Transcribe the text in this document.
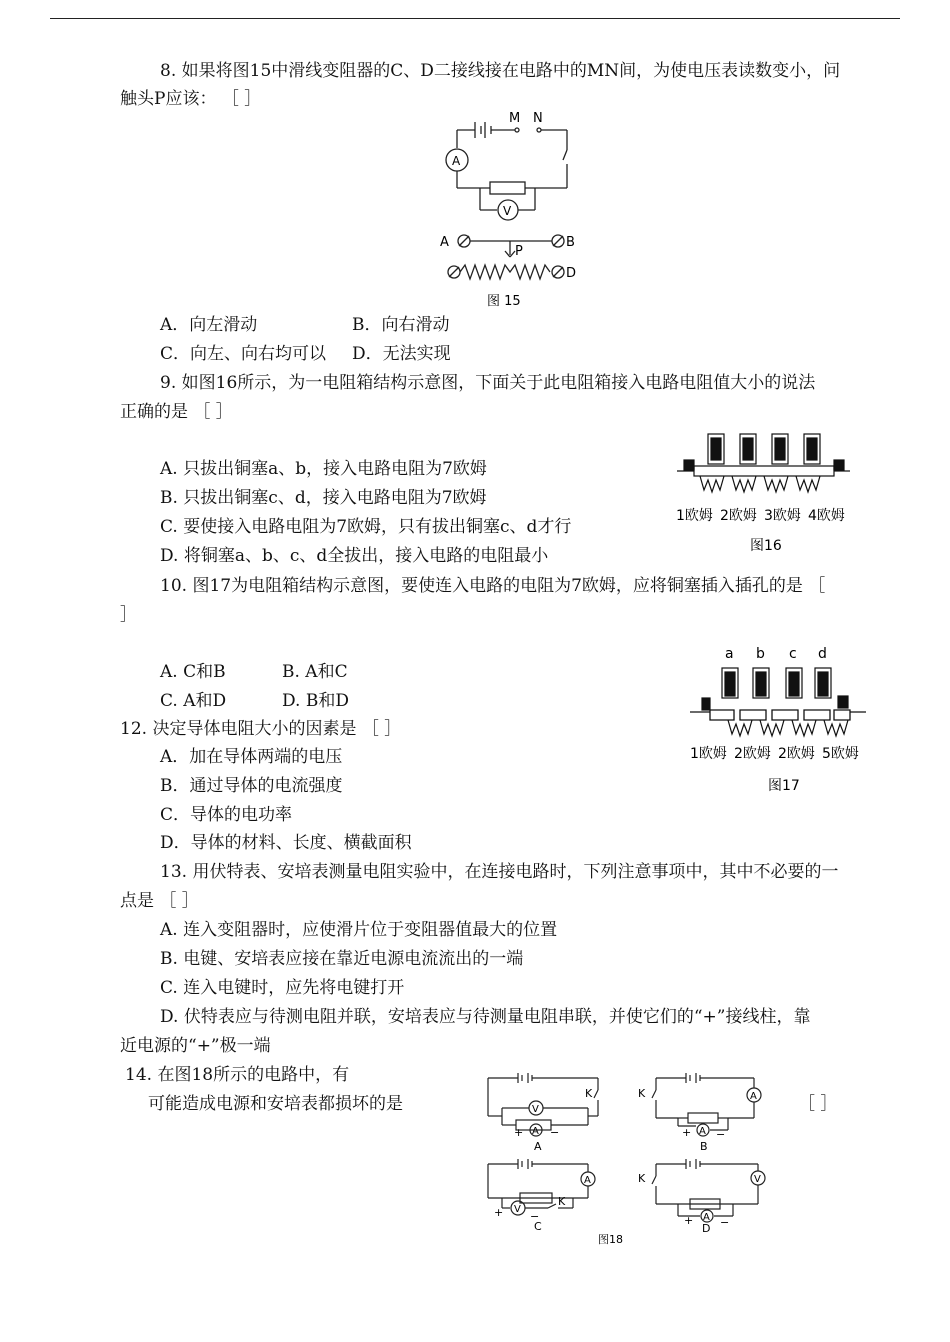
8. 如果将图15中滑线变阻器的C、D二接线接在电路中的MN间，为使电压表读数变小，问
触头P应该： ［ ］
M N
A
V
A	B
P
D
图 15
A．向左滑动	B．向右滑动
C．向左、向右均可以 D．无法实现
9. 如图16所示，为一电阻箱结构示意图，下面关于此电阻箱接入电路电阻值大小的说法
正确的是 ［ ］
A. 只拔出铜塞a、b，接入电路电阻为7欧姆
B. 只拔出铜塞c、d，接入电路电阻为7欧姆
C. 要使接入电路电阻为7欧姆，只有拔出铜塞c、d才行
D. 将铜塞a、b、c、d全拔出，接入电路的电阻最小
1欧姆 2欧姆 3欧姆 4欧姆
图16
10. 图17为电阻箱结构示意图，要使连入电路的电阻为7欧姆，应将铜塞插入插孔的是 ［
］
A. C和B	B. A和C
C. A和D	D. B和D
a b c d
1欧姆 2欧姆 2欧姆 5欧姆
图17
12. 决定导体电阻大小的因素是 ［ ］
A．加在导体两端的电压
B．通过导体的电流强度
C．导体的电功率
D．导体的材料、长度、横截面积
13. 用伏特表、安培表测量电阻实验中，在连接电路时，下列注意事项中，其中不必要的一
点是 ［ ］
A. 连入变阻器时，应使滑片位于变阻器值最大的位置
B. 电键、安培表应接在靠近电源电流流出的一端
C. 连入电键时，应先将电键打开
D. 伏特表应与待测电阻并联，安培表应与待测量电阻串联，并使它们的“+”接线柱，靠
近电源的“+”极一端
14. 在图18所示的电路中，有
可能造成电源和安培表都损坏的是	［ ］
K
V
A
+ −
A
K	A
A
+ −
B
A
V
K
+ −
C
K	V
A
+ −
D
图18
